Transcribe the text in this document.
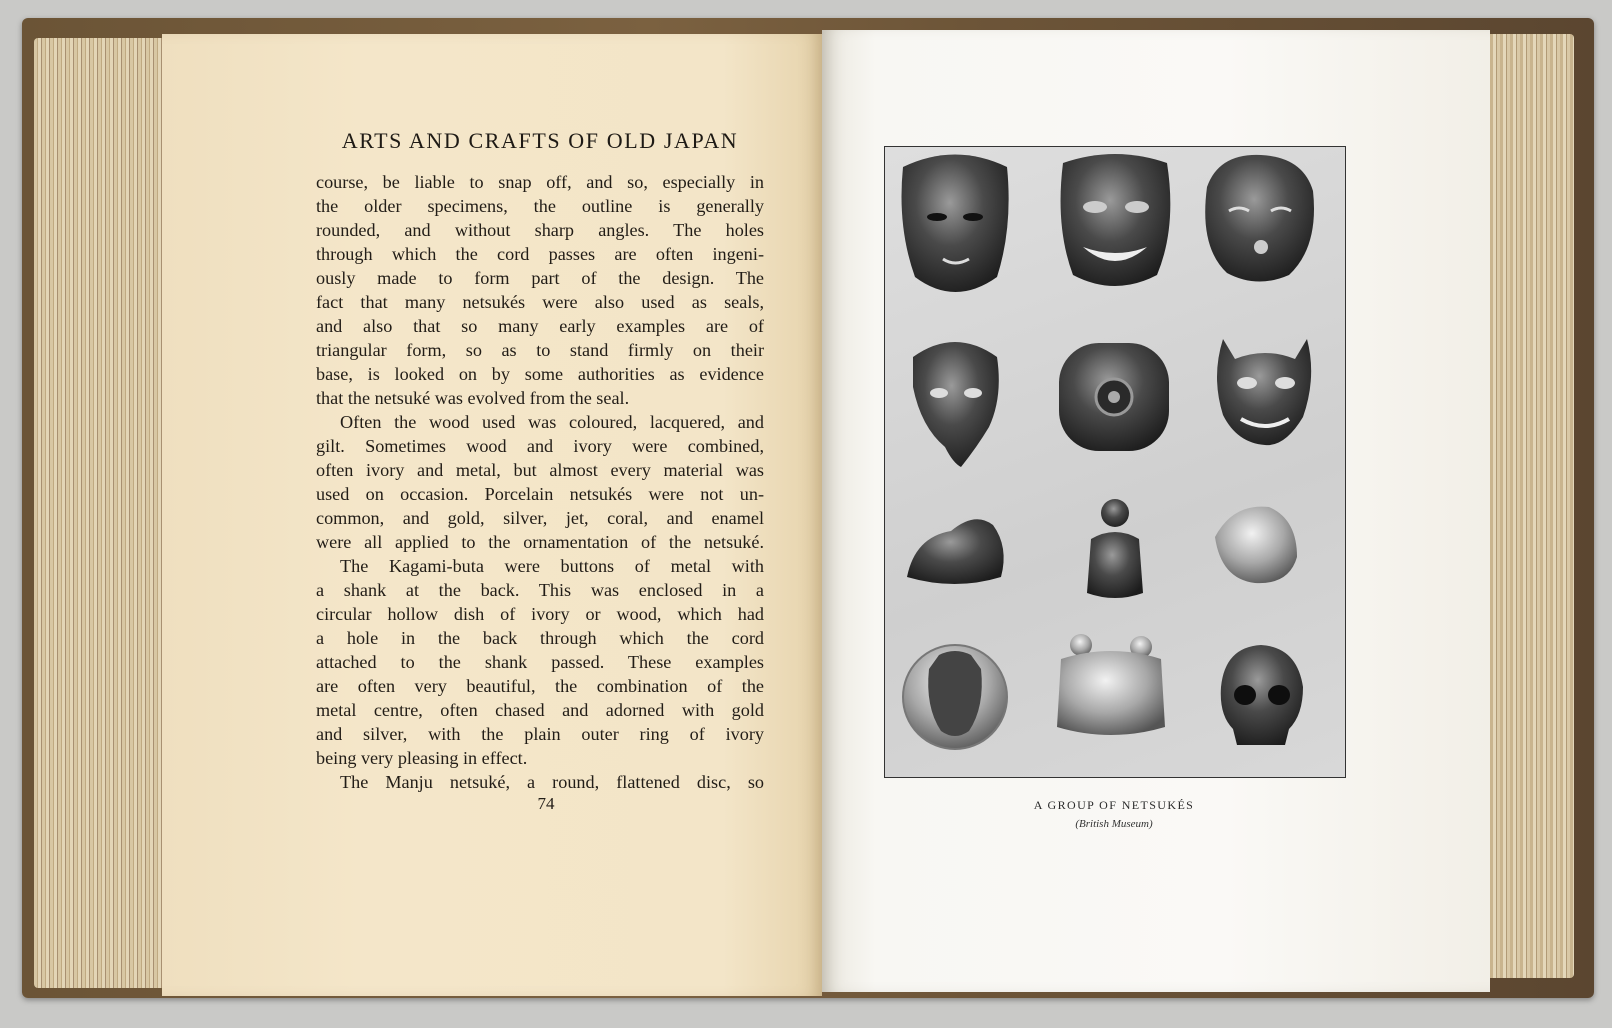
ARTS AND CRAFTS OF OLD JAPAN
course, be liable to snap off, and so, especially in
the older specimens, the outline is generally
rounded, and without sharp angles. The holes
through which the cord passes are often ingeni-
ously made to form part of the design. The
fact that many netsukés were also used as seals,
and also that so many early examples are of
triangular form, so as to stand firmly on their
base, is looked on by some authorities as evidence
that the netsuké was evolved from the seal.
Often the wood used was coloured, lacquered, and
gilt. Sometimes wood and ivory were combined,
often ivory and metal, but almost every material was
used on occasion. Porcelain netsukés were not un-
common, and gold, silver, jet, coral, and enamel
were all applied to the ornamentation of the netsuké.
The Kagami-buta were buttons of metal with
a shank at the back. This was enclosed in a
circular hollow dish of ivory or wood, which had
a hole in the back through which the cord
attached to the shank passed. These examples
are often very beautiful, the combination of the
metal centre, often chased and adorned with gold
and silver, with the plain outer ring of ivory
being very pleasing in effect.
The Manju netsuké, a round, flattened disc, so
74	A GROUP OF NETSUKÉS
(British Museum)
